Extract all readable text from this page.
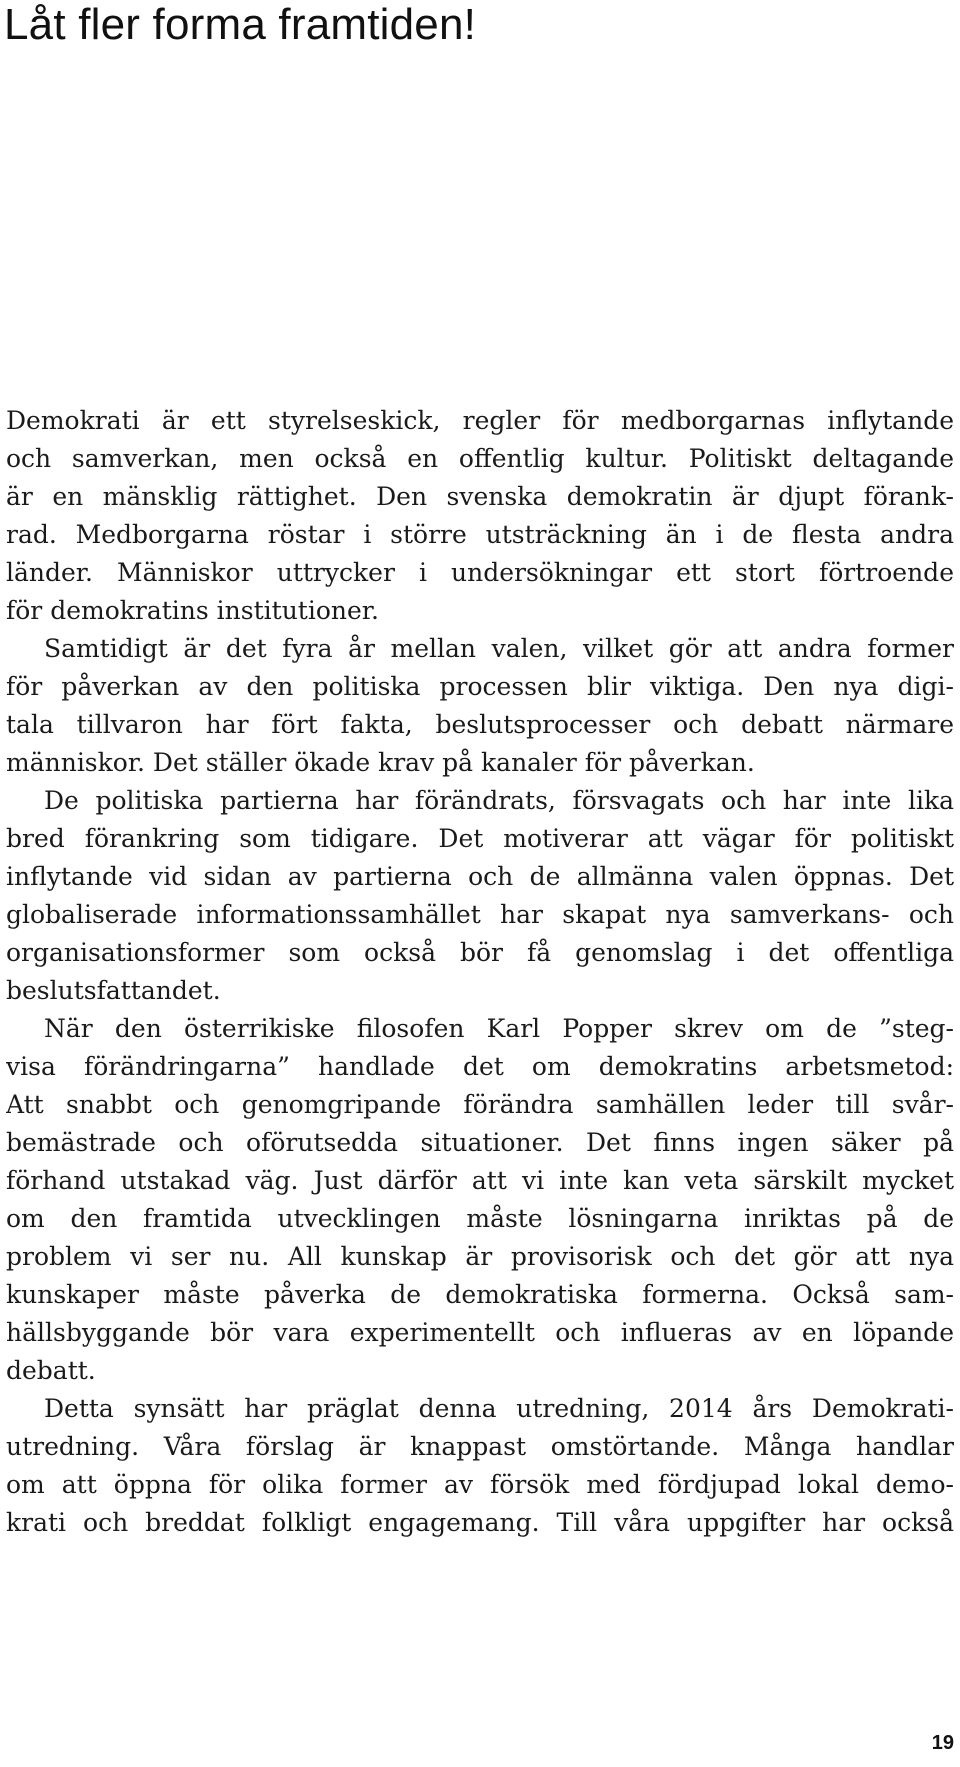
Låt fler forma framtiden!
Demokrati är ett styrelseskick, regler för medborgarnas inflytande
och samverkan, men också en offentlig kultur. Politiskt deltagande
är en mänsklig rättighet. Den svenska demokratin är djupt förank-
rad. Medborgarna röstar i större utsträckning än i de flesta andra
länder. Människor uttrycker i undersökningar ett stort förtroende
för demokratins institutioner.
Samtidigt är det fyra år mellan valen, vilket gör att andra former
för påverkan av den politiska processen blir viktiga. Den nya digi-
tala tillvaron har fört fakta, beslutsprocesser och debatt närmare
människor. Det ställer ökade krav på kanaler för påverkan.
De politiska partierna har förändrats, försvagats och har inte lika
bred förankring som tidigare. Det motiverar att vägar för politiskt
inflytande vid sidan av partierna och de allmänna valen öppnas. Det
globaliserade informationssamhället har skapat nya samverkans- och
organisationsformer som också bör få genomslag i det offentliga
beslutsfattandet.
När den österrikiske filosofen Karl Popper skrev om de ”steg-
visa förändringarna” handlade det om demokratins arbetsmetod:
Att snabbt och genomgripande förändra samhällen leder till svår-
bemästrade och oförutsedda situationer. Det finns ingen säker på
förhand utstakad väg. Just därför att vi inte kan veta särskilt mycket
om den framtida utvecklingen måste lösningarna inriktas på de
problem vi ser nu. All kunskap är provisorisk och det gör att nya
kunskaper måste påverka de demokratiska formerna. Också sam-
hällsbyggande bör vara experimentellt och influeras av en löpande
debatt.
Detta synsätt har präglat denna utredning, 2014 års Demokrati-
utredning. Våra förslag är knappast omstörtande. Många handlar
om att öppna för olika former av försök med fördjupad lokal demo-
krati och breddat folkligt engagemang. Till våra uppgifter har också
19
